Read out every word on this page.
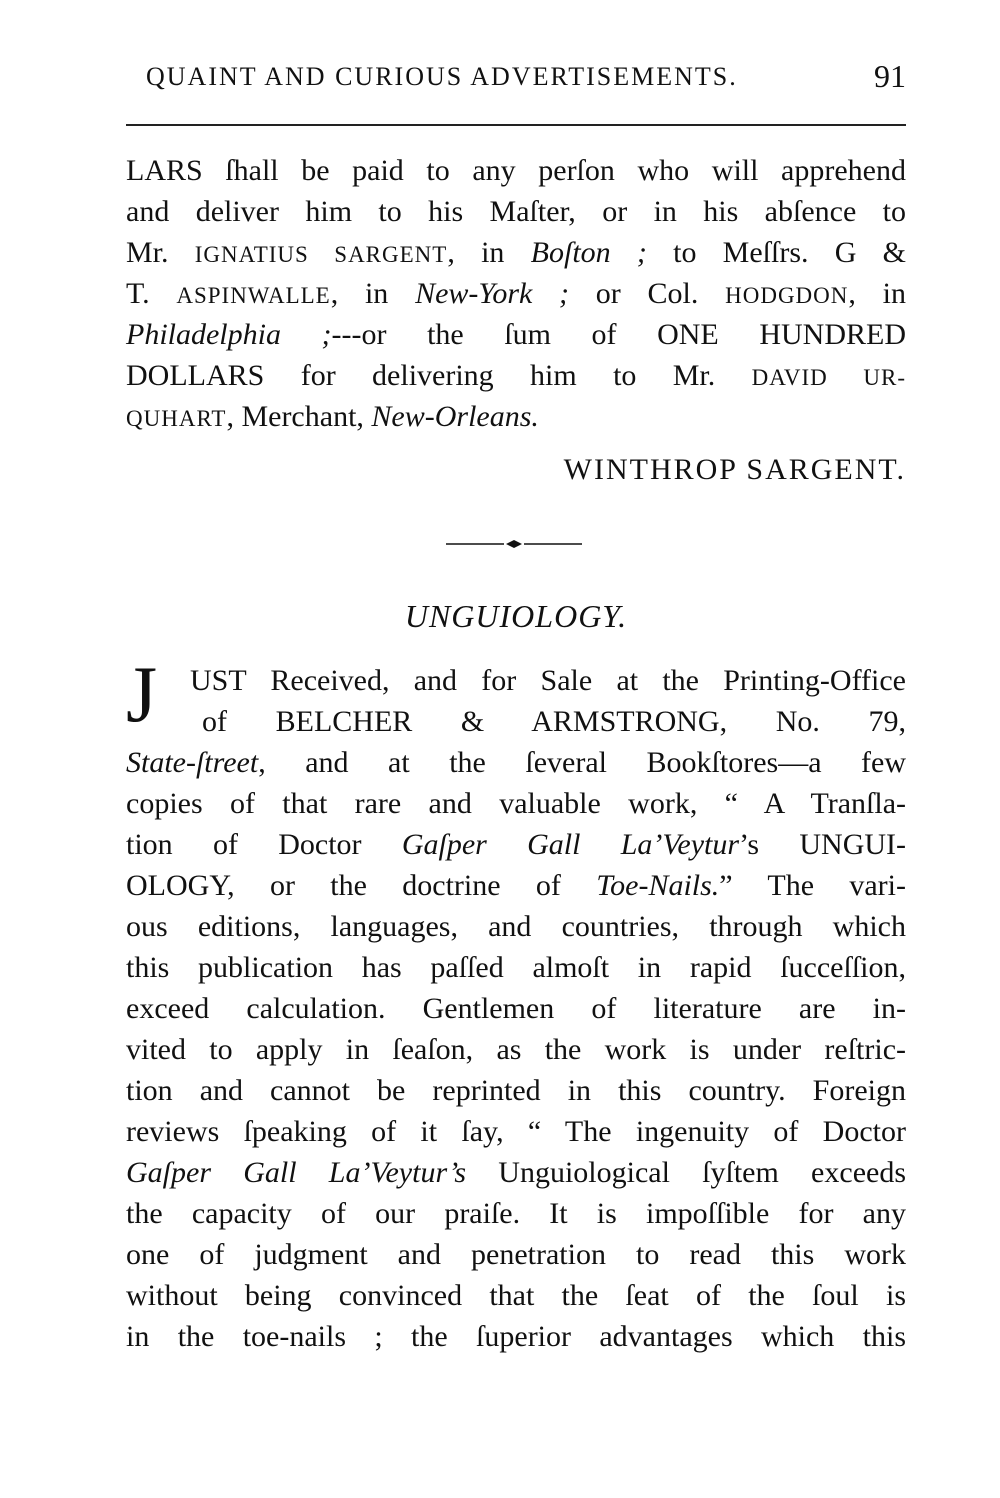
QUAINT AND CURIOUS ADVERTISEMENTS.	91
LARS ſhall be paid to any perſon who will apprehend
and deliver him to his Maſter, or in his abſence to
Mr. IGNATIUS SARGENT, in Boſton ; to Meſſrs. G &
T. ASPINWALLE, in New-York ; or Col. HODGDON, in
Philadelphia ;---or the ſum of ONE HUNDRED
DOLLARS for delivering him to Mr. DAVID UR-
QUHART, Merchant, New-Orleans.
WINTHROP SARGENT.
UNGUIOLOGY.
J UST Received, and for Sale at the Printing-Office
of BELCHER & ARMSTRONG, No. 79,
State-ſtreet, and at the ſeveral Bookſtores—a few
copies of that rare and valuable work, “ A Tranſla-
tion of Doctor Gaſper Gall La’Veytur’s UNGUI-
OLOGY, or the doctrine of Toe-Nails.” The vari-
ous editions, languages, and countries, through which
this publication has paſſed almoſt in rapid ſucceſſion,
exceed calculation. Gentlemen of literature are in-
vited to apply in ſeaſon, as the work is under reſtric-
tion and cannot be reprinted in this country. Foreign
reviews ſpeaking of it ſay, “ The ingenuity of Doctor
Gaſper Gall La’Veytur’s Unguiological ſyſtem exceeds
the capacity of our praiſe. It is impoſſible for any
one of judgment and penetration to read this work
without being convinced that the ſeat of the ſoul is
in the toe-nails ; the ſuperior advantages which this
